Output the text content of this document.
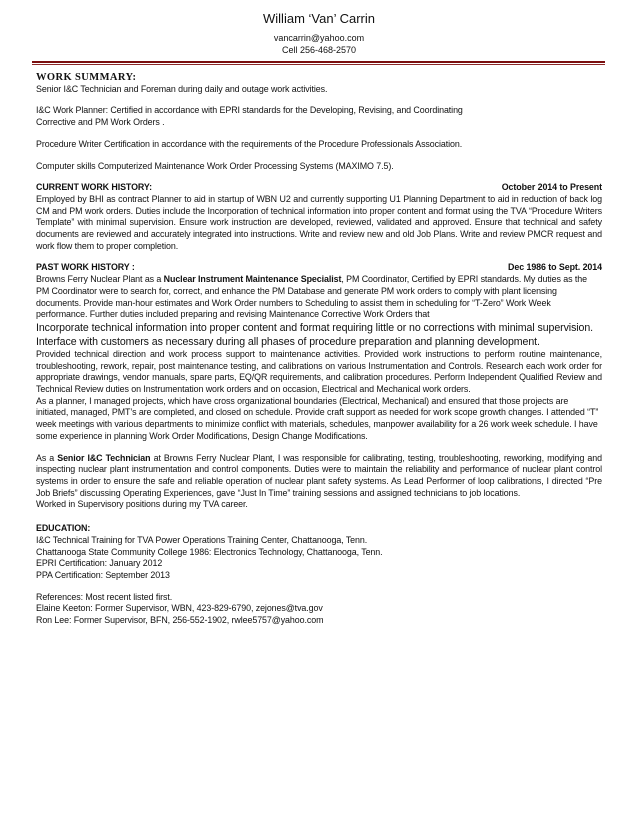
William ‘Van’ Carrin
vancarrin@yahoo.com
Cell 256-468-2570

WORK SUMMARY:

Senior I&C Technician and Foreman during daily and outage work activities.

I&C Work Planner: Certified in accordance with EPRI standards for the Developing, Revising, and Coordinating

Corrective and PM Work Orders .

Procedure Writer Certification in accordance with the requirements of the Procedure Professionals Association.

Computer skills Computerized Maintenance Work Order Processing Systems (MAXIMO 7.5).

CURRENT WORK HISTORY:	October 2014 to Present

Employed by BHI as contract Planner to aid in startup of WBN U2 and currently supporting U1 Planning Department to aid in reduction of back log CM and PM work orders. Duties include the Incorporation of technical information into proper content and format using the TVA “Procedure Writers Template” with minimal supervision. Ensure work instruction are developed, reviewed, validated and approved. Ensure that technical and safety documents are reviewed and accurately integrated into instructions. Write and review new and old Job Plans. Write and review PMCR request and work flow them to proper completion.

PAST WORK HISTORY :	Dec 1986 to Sept. 2014

Browns Ferry Nuclear Plant as a Nuclear Instrument Maintenance Specialist, PM Coordinator, Certified by EPRI standards. My duties as the PM Coordinator were to search for, correct, and enhance the PM Database and generate PM work orders to comply with plant licensing documents. Provide man-hour estimates and Work Order numbers to Scheduling to assist them in scheduling for “T-Zero” Work Week performance. Further duties included preparing and revising Maintenance Corrective Work Orders that

Incorporate technical information into proper content and format requiring little or no corrections with minimal supervision.

Interface with customers as necessary during all phases of procedure preparation and planning development.

Provided technical direction and work process support to maintenance activities. Provided work instructions to perform routine maintenance, troubleshooting, rework, repair, post maintenance testing, and calibrations on various Instrumentation and Controls. Research each work order for appropriate drawings, vendor manuals, spare parts, EQ/QR requirements, and calibration procedures. Perform Independent Qualified Review and Technical Review duties on Instrumentation work orders and on occasion, Electrical and Mechanical work orders.

As a planner, I managed projects, which have cross organizational boundaries (Electrical, Mechanical) and ensured that those projects are initiated, managed, PMT’s are completed, and closed on schedule. Provide craft support as needed for work scope growth changes. I attended “T” week meetings with various departments to minimize conflict with materials, schedules, manpower availability for a 26 work week schedule. I have some experience in planning Work Order Modifications, Design Change Modifications.

As a Senior I&C Technician at Browns Ferry Nuclear Plant, I was responsible for calibrating, testing, troubleshooting, reworking, modifying and inspecting nuclear plant instrumentation and control components. Duties were to maintain the reliability and performance of nuclear plant control systems in order to ensure the safe and reliable operation of nuclear plant safety systems. As Lead Performer of loop calibrations, I directed “Pre Job Briefs” discussing Operating Experiences, gave “Just In Time” training sessions and assigned technicians to job locations.

Worked in Supervisory positions during my TVA career.

EDUCATION:

I&C Technical Training for TVA Power Operations Training Center, Chattanooga, Tenn.

Chattanooga State Community College 1986: Electronics Technology, Chattanooga, Tenn.

EPRI Certification: January 2012

PPA Certification: September 2013

References: Most recent listed first.

Elaine Keeton: Former Supervisor, WBN, 423-829-6790, zejones@tva.gov

Ron Lee: Former Supervisor, BFN, 256-552-1902, rwlee5757@yahoo.com
